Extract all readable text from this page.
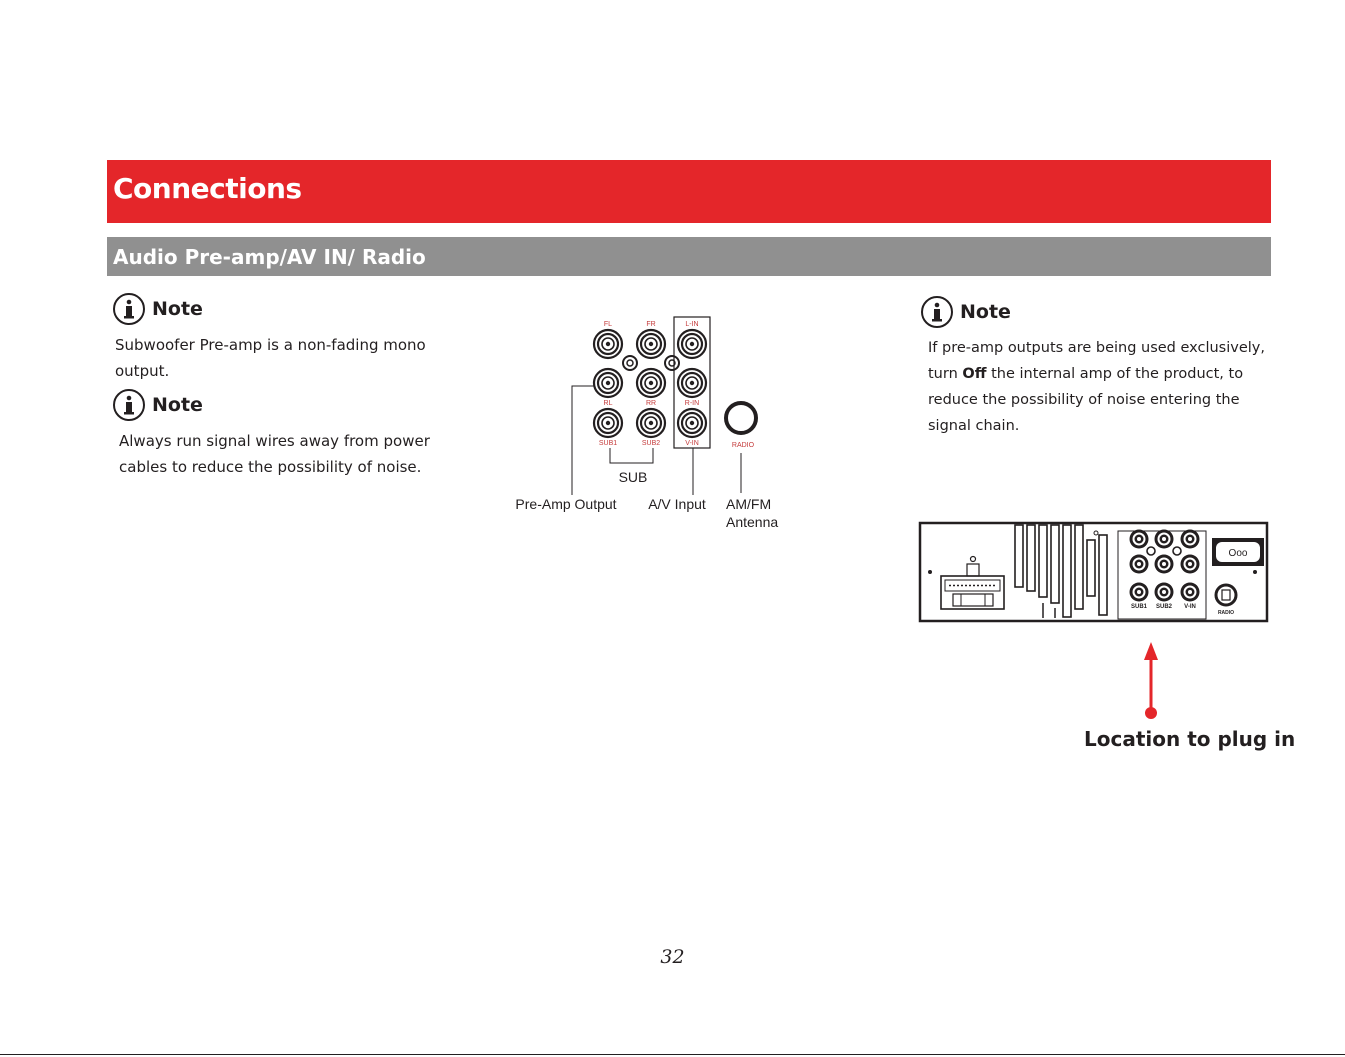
Connections
Audio Pre-amp/AV IN/ Radio
Note
Subwoofer Pre-amp is a non-fading mono
output.
Note
Always run signal wires away from power
cables to reduce the possibility of noise.
Note
If pre-amp outputs are being used exclusively,
turn Off the internal amp of the product, to
reduce the possibility of noise entering the
signal chain.
FL	FR	L-IN
RL	RR	R-IN
SUB1	SUB2	V-IN	RADIO
SUB
Pre-Amp Output A/V Input AM/FM
Antenna
SUB1 SUB2 V-IN
Ooo
RADIO
Location to plug in
32
